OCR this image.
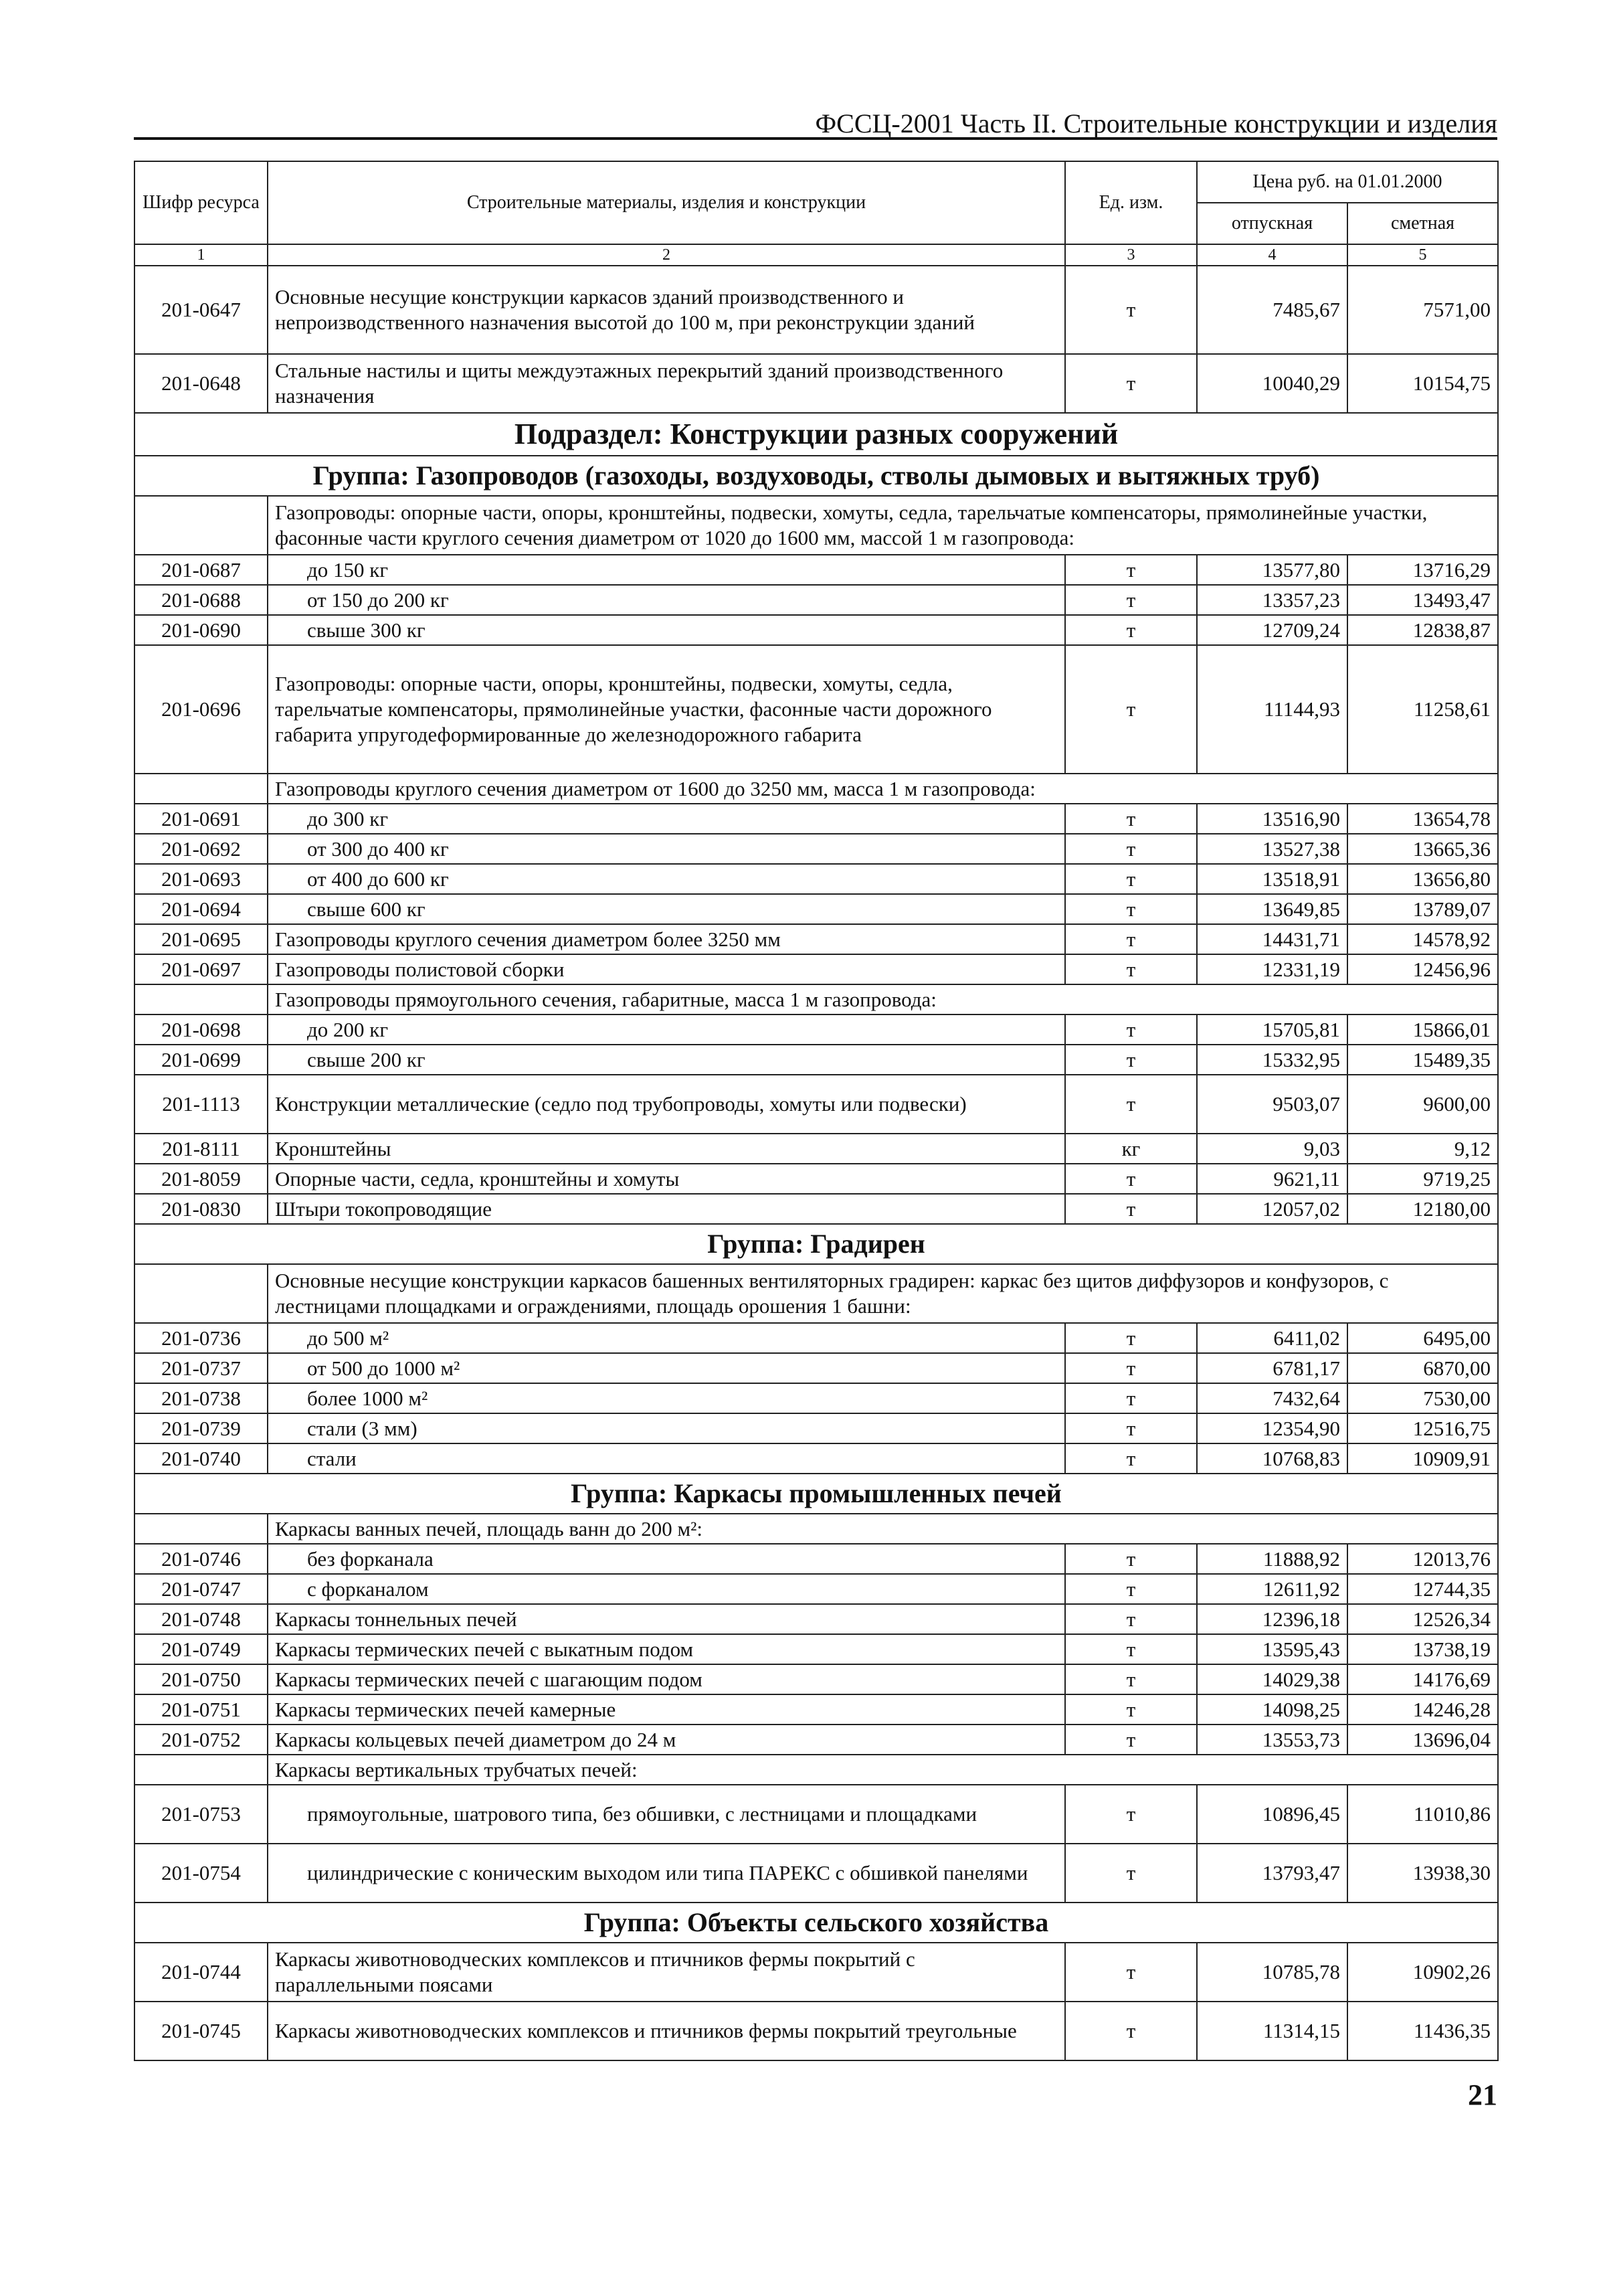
ФССЦ-2001 Часть II. Строительные конструкции и изделия
Шифр ресурса	Строительные материалы, изделия и конструкции	Ед. изм.	Цена руб. на 01.01.2000	
			отпускная	сметная
1	2	3	4	5
201-0647	Основные несущие конструкции каркасов зданий производственного и непроизводственного назначения высотой до 100 м, при реконструкции зданий	т	7485,67	7571,00
201-0648	Стальные настилы и щиты междуэтажных перекрытий зданий производственного назначения	т	10040,29	10154,75
Подраздел: Конструкции разных сооружений				
Группа: Газопроводов (газоходы, воздуховоды, стволы дымовых и вытяжных труб)				
	Газопроводы: опорные части, опоры, кронштейны, подвески, хомуты, седла, тарельчатые компенсаторы, прямолинейные участки, фасонные части круглого сечения диаметром от 1020 до 1600 мм, массой 1 м газопровода:			
201-0687	до 150 кг	т	13577,80	13716,29
201-0688	от 150 до 200 кг	т	13357,23	13493,47
201-0690	свыше 300 кг	т	12709,24	12838,87
201-0696	Газопроводы: опорные части, опоры, кронштейны, подвески, хомуты, седла, тарельчатые компенсаторы, прямолинейные участки, фасонные части дорожного габарита упругодеформированные до железнодорожного габарита	т	11144,93	11258,61
	Газопроводы круглого сечения диаметром от 1600 до 3250 мм, масса 1 м газопровода:			
201-0691	до 300 кг	т	13516,90	13654,78
201-0692	от 300 до 400 кг	т	13527,38	13665,36
201-0693	от 400 до 600 кг	т	13518,91	13656,80
201-0694	свыше 600 кг	т	13649,85	13789,07
201-0695	Газопроводы круглого сечения диаметром более 3250 мм	т	14431,71	14578,92
201-0697	Газопроводы полистовой сборки	т	12331,19	12456,96
	Газопроводы прямоугольного сечения, габаритные, масса 1 м газопровода:			
201-0698	до 200 кг	т	15705,81	15866,01
201-0699	свыше 200 кг	т	15332,95	15489,35
201-1113	Конструкции металлические (седло под трубопроводы, хомуты или подвески)	т	9503,07	9600,00
201-8111	Кронштейны	кг	9,03	9,12
201-8059	Опорные части, седла, кронштейны и хомуты	т	9621,11	9719,25
201-0830	Штыри токопроводящие	т	12057,02	12180,00
Группа: Градирен				
	Основные несущие конструкции каркасов башенных вентиляторных градирен: каркас без щитов диффузоров и конфузоров, с лестницами площадками и ограждениями, площадь орошения 1 башни:			
201-0736	до 500 м²	т	6411,02	6495,00
201-0737	от 500 до 1000 м²	т	6781,17	6870,00
201-0738	более 1000 м²	т	7432,64	7530,00
201-0739	стали (3 мм)	т	12354,90	12516,75
201-0740	стали	т	10768,83	10909,91
Группа: Каркасы промышленных печей				
	Каркасы ванных печей, площадь ванн до 200 м²:			
201-0746	без форканала	т	11888,92	12013,76
201-0747	с форканалом	т	12611,92	12744,35
201-0748	Каркасы тоннельных печей	т	12396,18	12526,34
201-0749	Каркасы термических печей с выкатным подом	т	13595,43	13738,19
201-0750	Каркасы термических печей с шагающим подом	т	14029,38	14176,69
201-0751	Каркасы термических печей камерные	т	14098,25	14246,28
201-0752	Каркасы кольцевых печей диаметром до 24 м	т	13553,73	13696,04
	Каркасы вертикальных трубчатых печей:			
201-0753	прямоугольные, шатрового типа, без обшивки, с лестницами и площадками	т	10896,45	11010,86
201-0754	цилиндрические с коническим выходом или типа ПАРЕКС с обшивкой панелями	т	13793,47	13938,30
Группа: Объекты сельского хозяйства				
201-0744	Каркасы животноводческих комплексов и птичников фермы покрытий с параллельными поясами	т	10785,78	10902,26
201-0745	Каркасы животноводческих комплексов и птичников фермы покрытий треугольные	т	11314,15	11436,35
21
